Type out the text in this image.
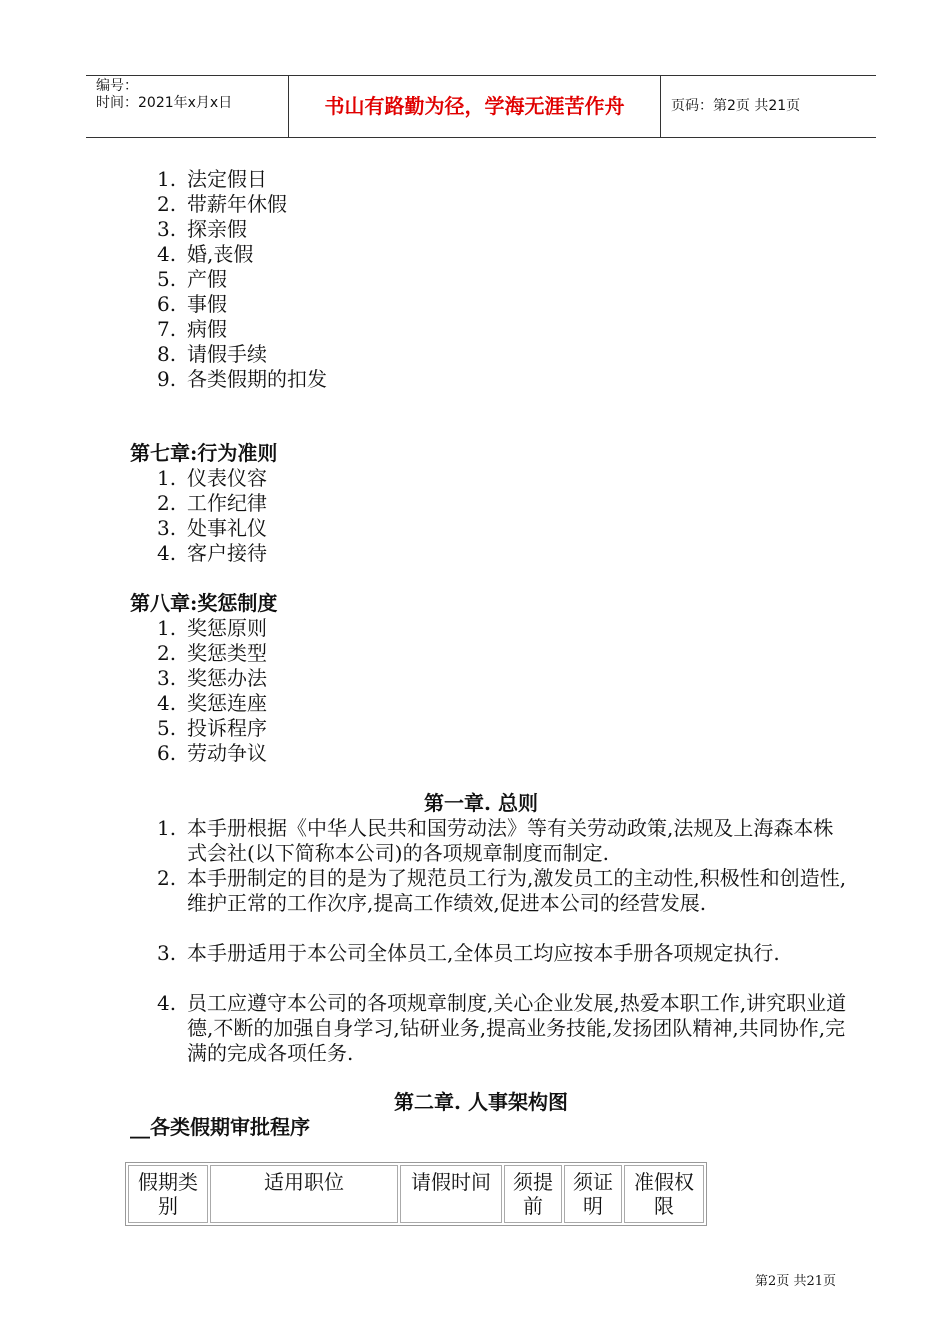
编号：
时间：2021年x月x日	书山有路勤为径，学海无涯苦作舟	页码：第2页 共21页
1. 法定假日
2. 带薪年休假
3. 探亲假
4. 婚,丧假
5. 产假
6. 事假
7. 病假
8. 请假手续
9. 各类假期的扣发
第七章:行为准则
1. 仪表仪容
2. 工作纪律
3. 处事礼仪
4. 客户接待
第八章:奖惩制度
1. 奖惩原则
2. 奖惩类型
3. 奖惩办法
4. 奖惩连座
5. 投诉程序
6. 劳动争议
第一章. 总则
1. 本手册根据《中华人民共和国劳动法》等有关劳动政策,法规及上海森本株式会社(以下简称本公司)的各项规章制度而制定.
2. 本手册制定的目的是为了规范员工行为,激发员工的主动性,积极性和创造性,维护正常的工作次序,提高工作绩效,促进本公司的经营发展.
3. 本手册适用于本公司全体员工,全体员工均应按本手册各项规定执行.
4. 员工应遵守本公司的各项规章制度,关心企业发展,热爱本职工作,讲究职业道德,不断的加强自身学习,钻研业务,提高业务技能,发扬团队精神,共同协作,完满的完成各项任务.
第二章. 人事架构图
__各类假期审批程序
假期类别	适用职位	请假时间	须提前	须证明	准假权限
第2页 共21页
